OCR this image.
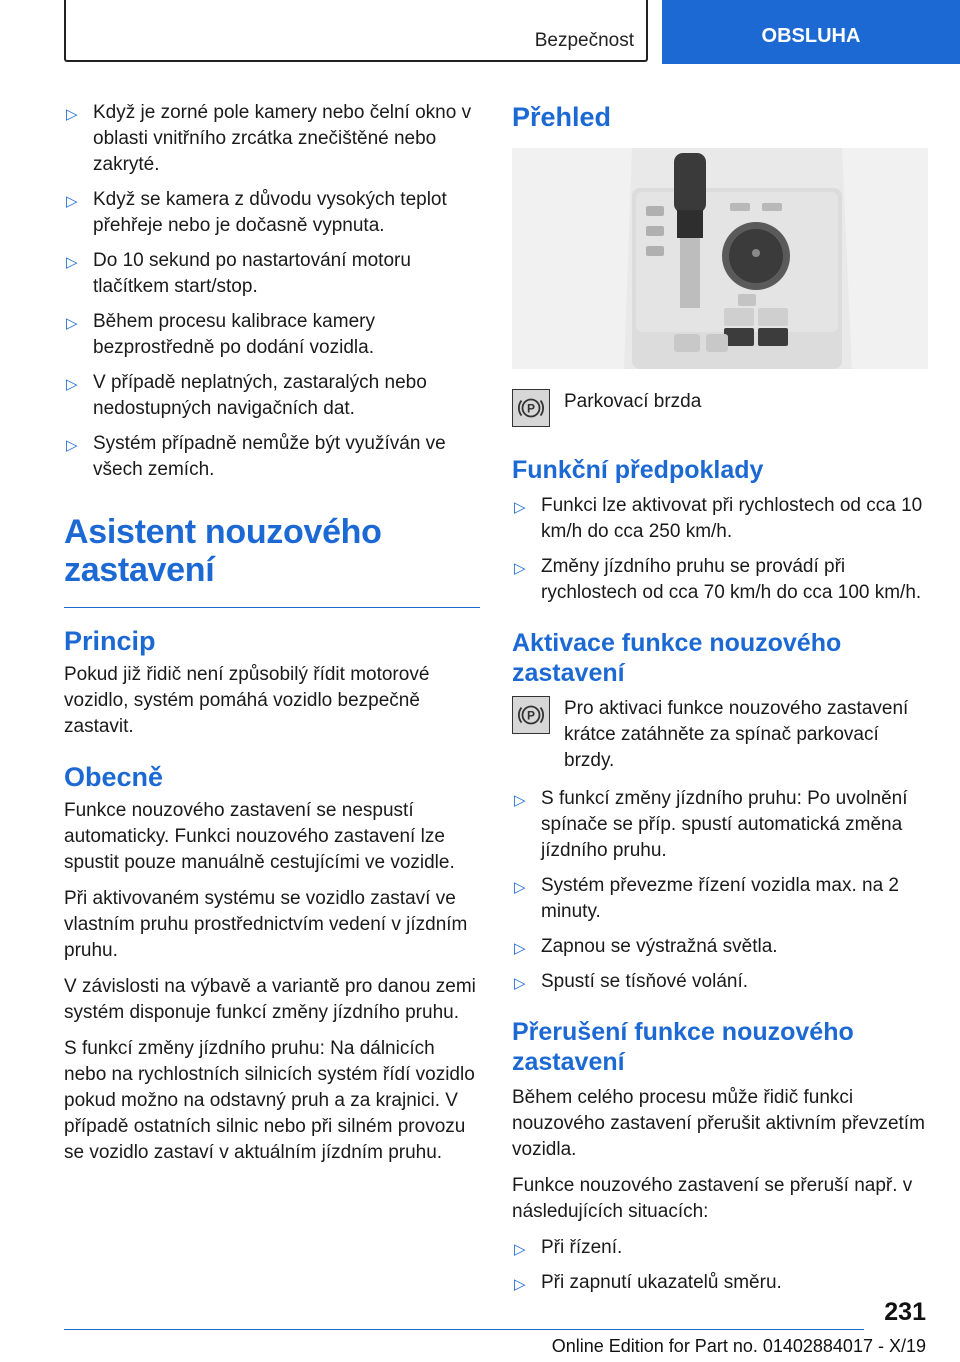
Bezpečnost	OBSLUHA
▷ Když je zorné pole kamery nebo čelní okno v oblasti vnitřního zrcátka znečištěné nebo zakryté.
▷ Když se kamera z důvodu vysokých teplot přehřeje nebo je dočasně vypnuta.
▷ Do 10 sekund po nastartování motoru tlačítkem start/stop.
▷ Během procesu kalibrace kamery bezprostředně po dodání vozidla.
▷ V případě neplatných, zastaralých nebo nedostupných navigačních dat.
▷ Systém případně nemůže být využíván ve všech zemích.
Asistent nouzového zastavení
Princip

Pokud již řidič není způsobilý řídit motorové vozidlo, systém pomáhá vozidlo bezpečně zastavit.

Obecně

Funkce nouzového zastavení se nespustí automaticky. Funkci nouzového zastavení lze spustit pouze manuálně cestujícími ve vozidle.

Při aktivovaném systému se vozidlo zastaví ve vlastním pruhu prostřednictvím vedení v jízdním pruhu.

V závislosti na výbavě a variantě pro danou zemi systém disponuje funkcí změny jízdního pruhu.

S funkcí změny jízdního pruhu: Na dálnicích nebo na rychlostních silnicích systém řídí vozidlo pokud možno na odstavný pruh a za krajnici. V případě ostatních silnic nebo při silném provozu se vozidlo zastaví v aktuálním jízdním pruhu.

Přehled
P Parkovací brzda
Funkční předpoklady
▷ Funkci lze aktivovat při rychlostech od cca 10 km/h do cca 250 km/h.
▷ Změny jízdního pruhu se provádí při rychlostech od cca 70 km/h do cca 100 km/h.
Aktivace funkce nouzového zastavení
P Pro aktivaci funkce nouzového zastavení krátce zatáhněte za spínač parkovací brzdy.
▷ S funkcí změny jízdního pruhu: Po uvolnění spínače se příp. spustí automatická změna jízdního pruhu.
▷ Systém převezme řízení vozidla max. na 2 minuty.
▷ Zapnou se výstražná světla.
▷ Spustí se tísňové volání.
Přerušení funkce nouzového zastavení

Během celého procesu může řidič funkci nouzového zastavení přerušit aktivním převzetím vozidla.

Funkce nouzového zastavení se přeruší např. v následujících situacích:

▷ Při řízení.
▷ Při zapnutí ukazatelů směru.
231
Online Edition for Part no. 01402884017 - X/19
